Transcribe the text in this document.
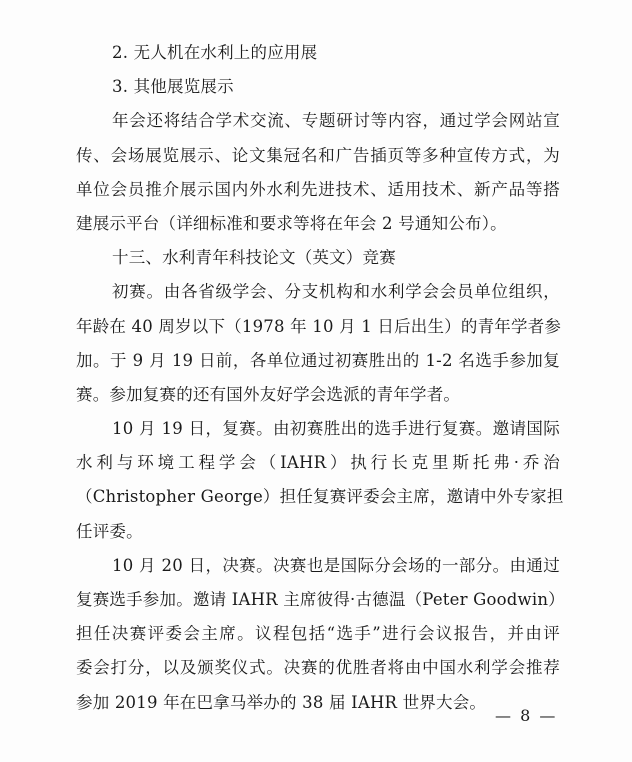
2. 无人机在水利上的应用展
3. 其他展览展示
年会还将结合学术交流、专题研讨等内容，通过学会网站宣
传、会场展览展示、论文集冠名和广告插页等多种宣传方式，为
单位会员推介展示国内外水利先进技术、适用技术、新产品等搭
建展示平台（详细标准和要求等将在年会 2 号通知公布）。
十三、水利青年科技论文（英文）竞赛
初赛。由各省级学会、分支机构和水利学会会员单位组织，
年龄在 40 周岁以下（1978 年 10 月 1 日后出生）的青年学者参
加。于 9 月 19 日前，各单位通过初赛胜出的 1-2 名选手参加复
赛。参加复赛的还有国外友好学会选派的青年学者。
10 月 19 日，复赛。由初赛胜出的选手进行复赛。邀请国际
水利与环境工程学会（IAHR）执行长克里斯托弗·乔治
（Christopher George）担任复赛评委会主席，邀请中外专家担
任评委。
10 月 20 日，决赛。决赛也是国际分会场的一部分。由通过
复赛选手参加。邀请 IAHR 主席彼得·古德温（Peter Goodwin）
担任决赛评委会主席。议程包括“选手”进行会议报告，并由评
委会打分，以及颁奖仪式。决赛的优胜者将由中国水利学会推荐
参加 2019 年在巴拿马举办的 38 届 IAHR 世界大会。
— 8 —
